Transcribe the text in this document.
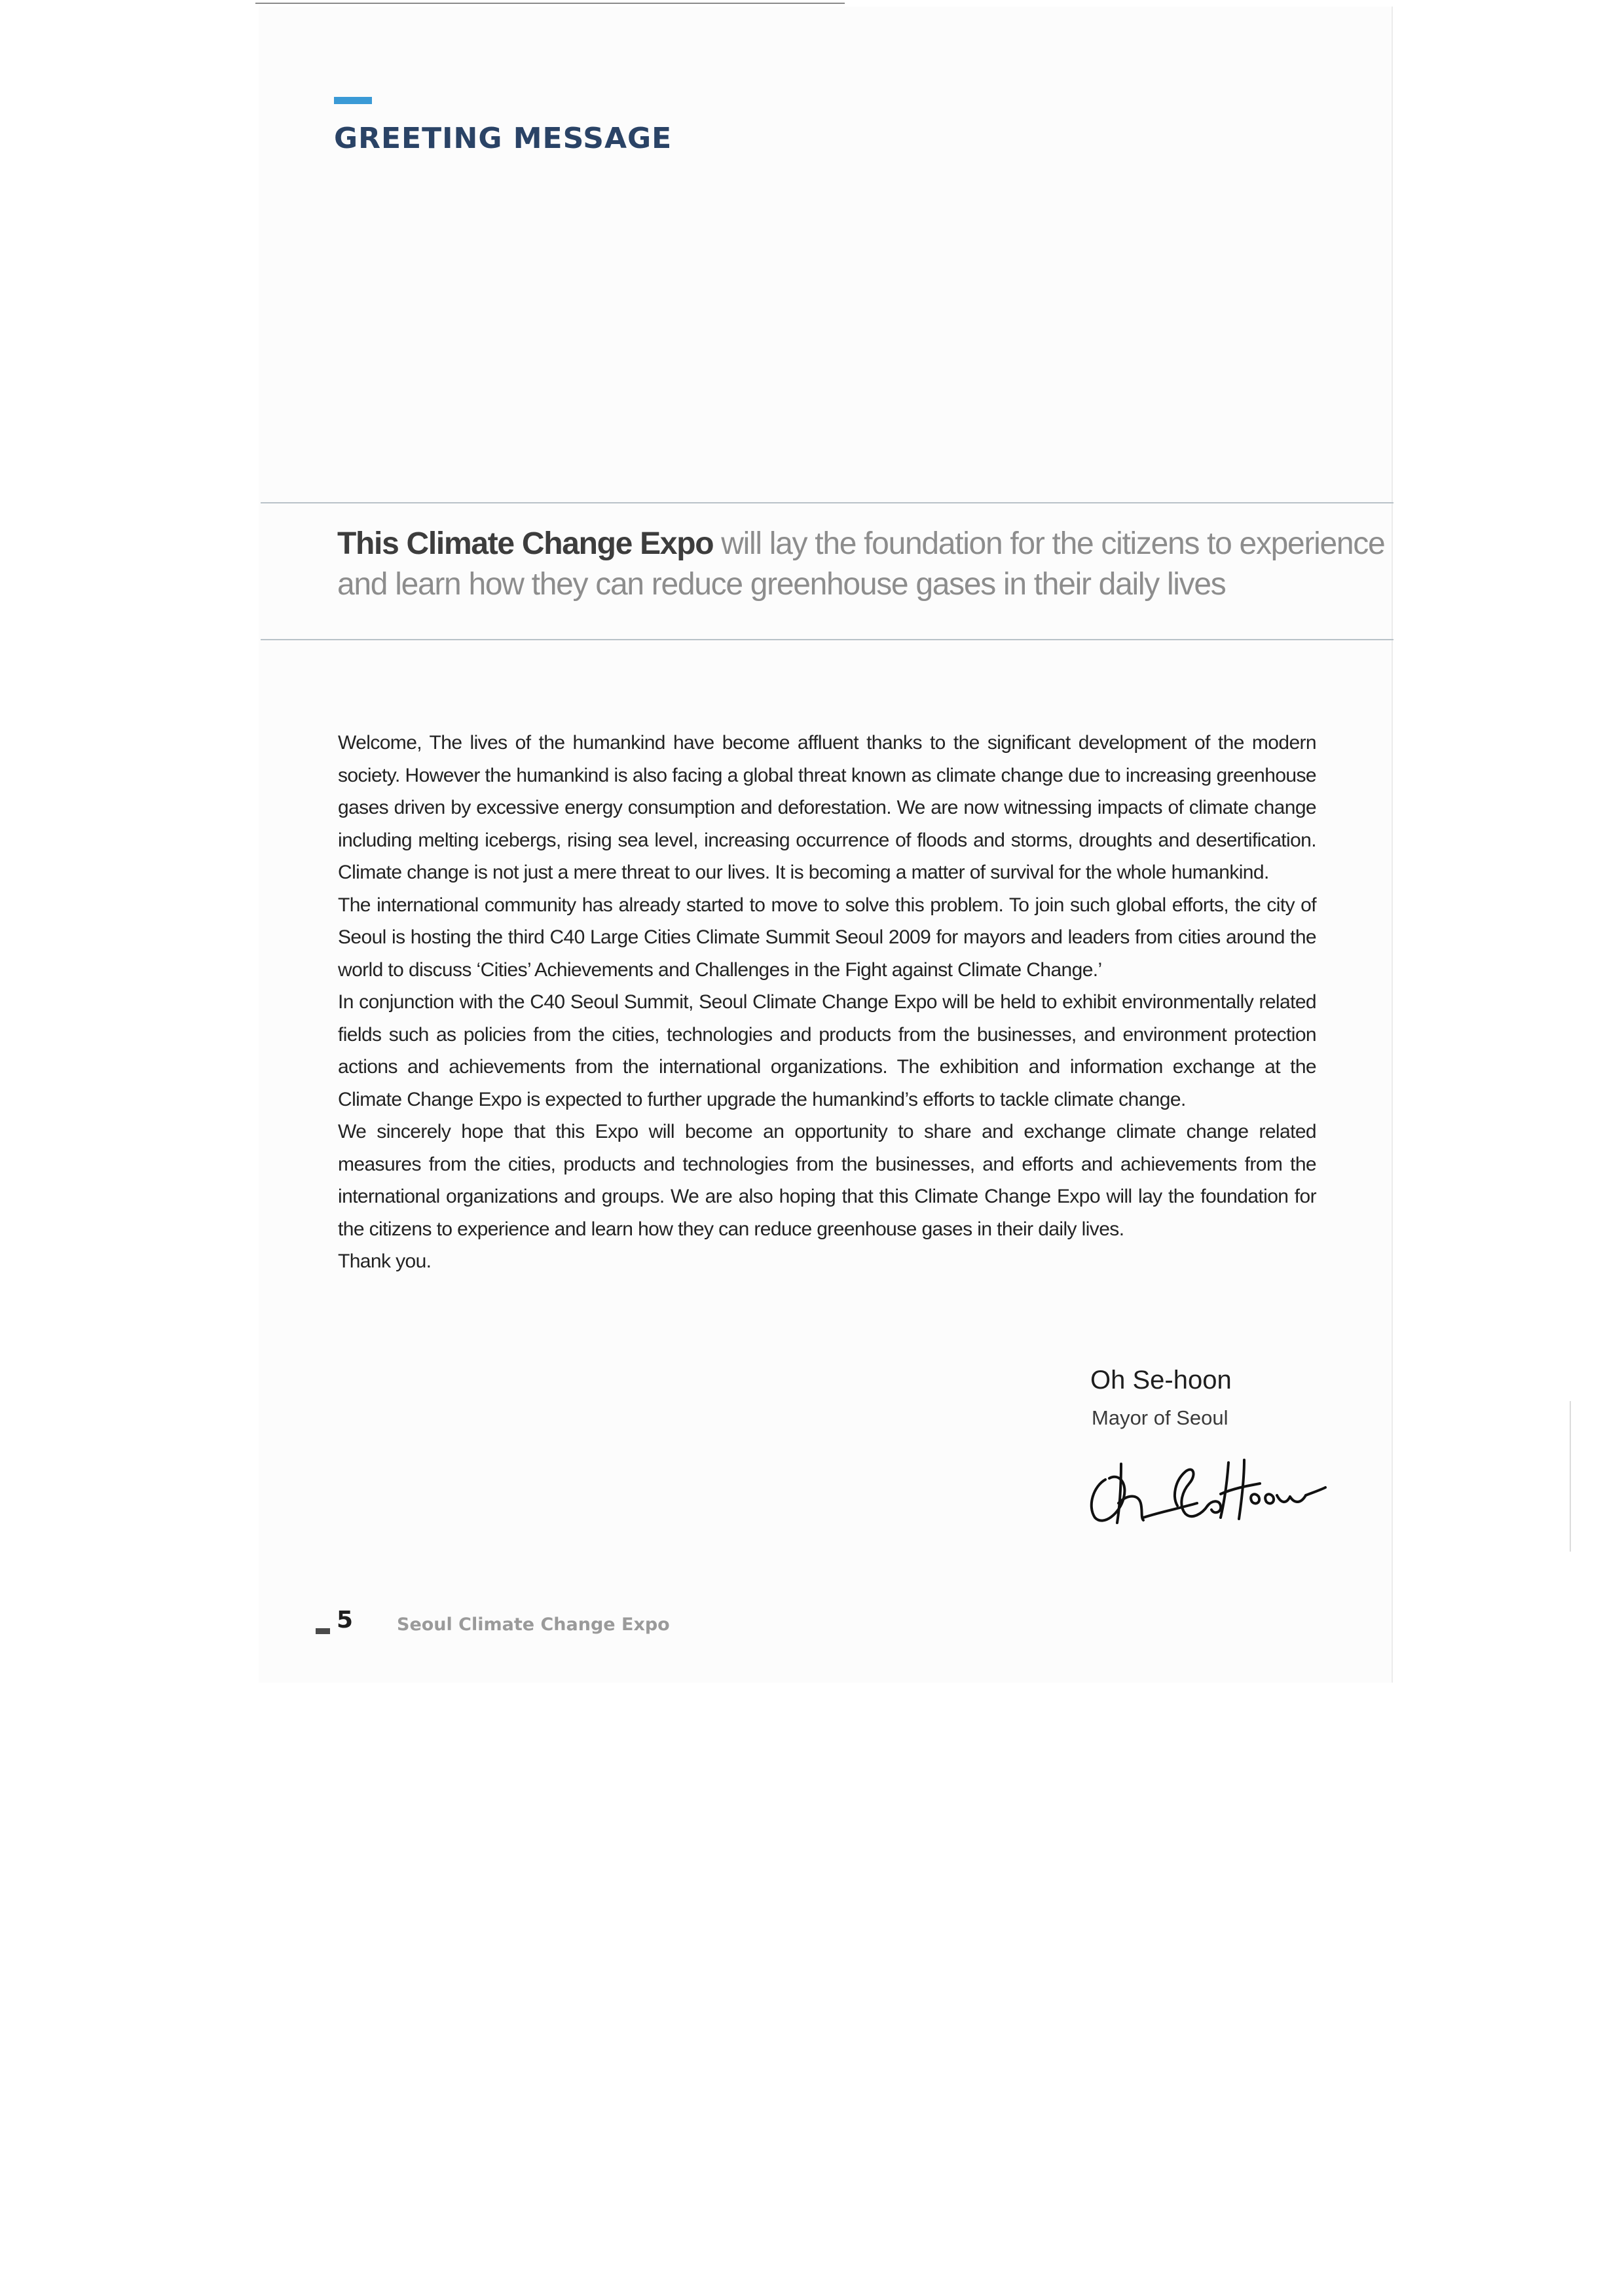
GREETING MESSAGE
This Climate Change Expo will lay the foundation for the citizens to experience and learn how they can reduce greenhouse gases in their daily lives

Welcome, The lives of the humankind have become affluent thanks to the significant development of the modern society. However the humankind is also facing a global threat known as climate change due to increasing greenhouse gases driven by excessive energy consumption and deforestation. We are now witnessing impacts of climate change including melting icebergs, rising sea level, increasing occurrence of floods and storms, droughts and desertification. Climate change is not just a mere threat to our lives. It is becoming a matter of survival for the whole humankind.

The international community has already started to move to solve this problem. To join such global efforts, the city of Seoul is hosting the third C40 Large Cities Climate Summit Seoul 2009 for mayors and leaders from cities around the world to discuss ‘Cities’ Achievements and Challenges in the Fight against Climate Change.’

In conjunction with the C40 Seoul Summit, Seoul Climate Change Expo will be held to exhibit environmentally related fields such as policies from the cities, technologies and products from the businesses, and environment protection actions and achievements from the international organizations. The exhibition and information exchange at the Climate Change Expo is expected to further upgrade the humankind’s efforts to tackle climate change.

We sincerely hope that this Expo will become an opportunity to share and exchange climate change related measures from the cities, products and technologies from the businesses, and efforts and achievements from the international organizations and groups. We are also hoping that this Climate Change Expo will lay the foundation for the citizens to experience and learn how they can reduce greenhouse gases in their daily lives.

Thank you.

Oh Se-hoon
Mayor of Seoul
5 Seoul Climate Change Expo
